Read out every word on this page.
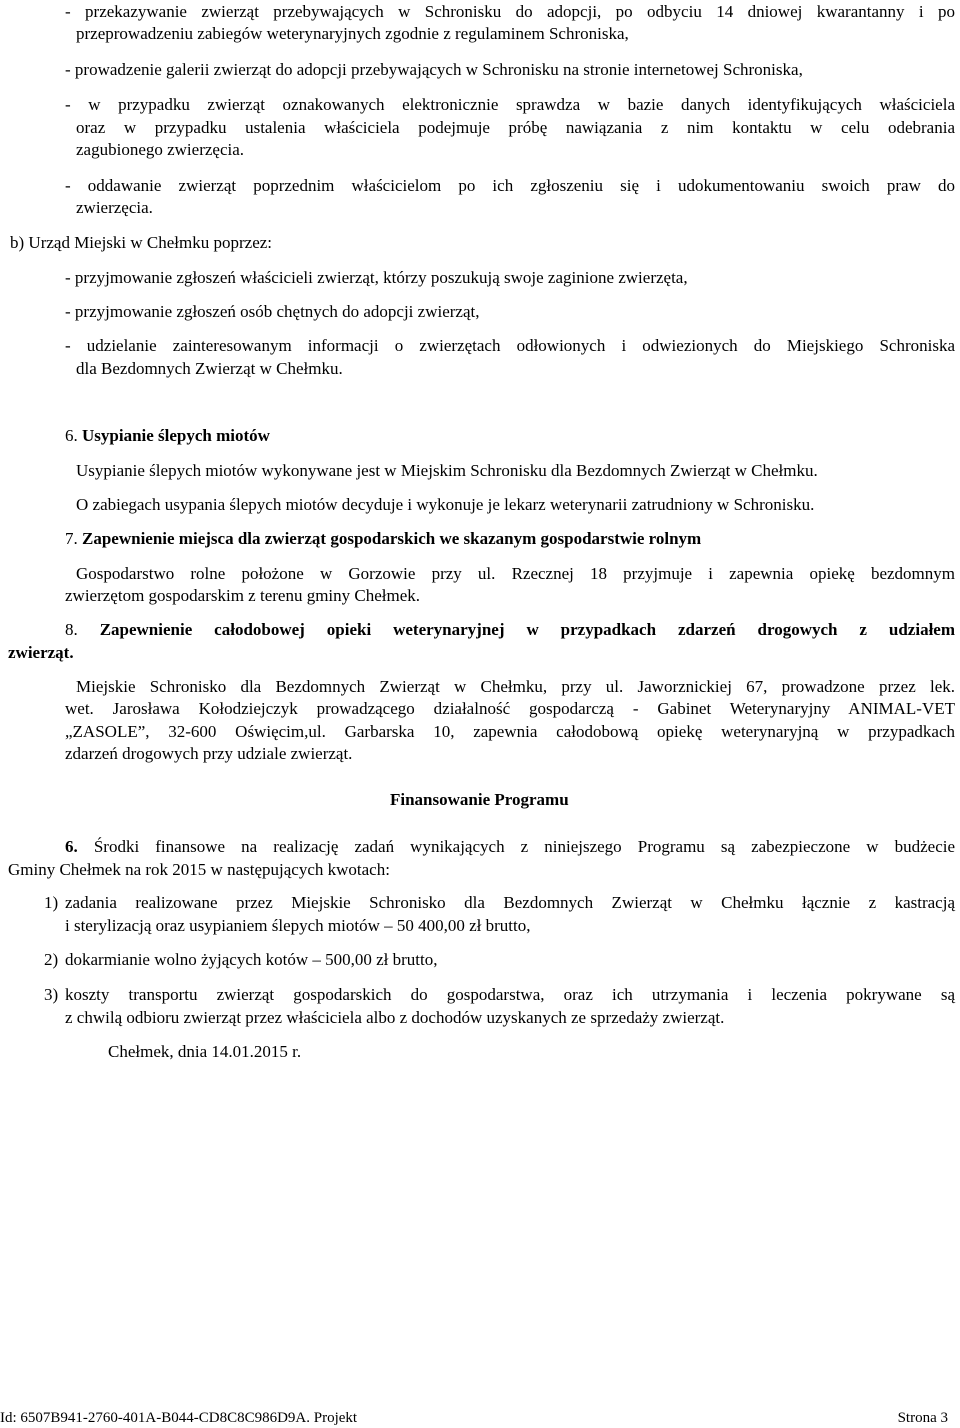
- przekazywanie zwierząt przebywających w Schronisku do adopcji, po odbyciu 14 dniowej kwarantanny i po
przeprowadzeniu zabiegów weterynaryjnych zgodnie z regulaminem Schroniska,
- prowadzenie galerii zwierząt do adopcji przebywających w Schronisku na stronie internetowej Schroniska,
- w przypadku zwierząt oznakowanych elektronicznie sprawdza w bazie danych identyfikujących właściciela
oraz w przypadku ustalenia właściciela podejmuje próbę nawiązania z nim kontaktu w celu odebrania
zagubionego zwierzęcia.
- oddawanie zwierząt poprzednim właścicielom po ich zgłoszeniu się i udokumentowaniu swoich praw do
zwierzęcia.
b) Urząd Miejski w Chełmku poprzez:
- przyjmowanie zgłoszeń właścicieli zwierząt, którzy poszukują swoje zaginione zwierzęta,
- przyjmowanie zgłoszeń osób chętnych do adopcji zwierząt,
- udzielanie zainteresowanym informacji o zwierzętach odłowionych i odwiezionych do Miejskiego Schroniska
dla Bezdomnych Zwierząt w Chełmku.
6. Usypianie ślepych miotów
Usypianie ślepych miotów wykonywane jest w Miejskim Schronisku dla Bezdomnych Zwierząt w Chełmku.
O zabiegach usypania ślepych miotów decyduje i wykonuje je lekarz weterynarii zatrudniony w Schronisku.
7. Zapewnienie miejsca dla zwierząt gospodarskich we skazanym gospodarstwie rolnym
Gospodarstwo rolne położone w Gorzowie przy ul. Rzecznej 18 przyjmuje i zapewnia opiekę bezdomnym
zwierzętom gospodarskim z terenu gminy Chełmek.
8. Zapewnienie całodobowej opieki weterynaryjnej w przypadkach zdarzeń drogowych z udziałem
zwierząt.
Miejskie Schronisko dla Bezdomnych Zwierząt w Chełmku, przy ul. Jaworznickiej 67, prowadzone przez lek.
wet. Jarosława Kołodziejczyk prowadzącego działalność gospodarczą - Gabinet Weterynaryjny ANIMAL-VET
„ZASOLE”, 32-600 Oświęcim,ul. Garbarska 10, zapewnia całodobową opiekę weterynaryjną w przypadkach
zdarzeń drogowych przy udziale zwierząt.
Finansowanie Programu
6. Środki finansowe na realizację zadań wynikających z niniejszego Programu są zabezpieczone w budżecie
Gminy Chełmek na rok 2015 w następujących kwotach:
1) zadania realizowane przez Miejskie Schronisko dla Bezdomnych Zwierząt w Chełmku łącznie z kastracją
i sterylizacją oraz usypianiem ślepych miotów – 50 400,00 zł brutto,
2) dokarmianie wolno żyjących kotów – 500,00 zł brutto,
3) koszty transportu zwierząt gospodarskich do gospodarstwa, oraz ich utrzymania i leczenia pokrywane są
z chwilą odbioru zwierząt przez właściciela albo z dochodów uzyskanych ze sprzedaży zwierząt.
Chełmek, dnia 14.01.2015 r.
Id: 6507B941-2760-401A-B044-CD8C8C986D9A. Projekt	Strona 3
